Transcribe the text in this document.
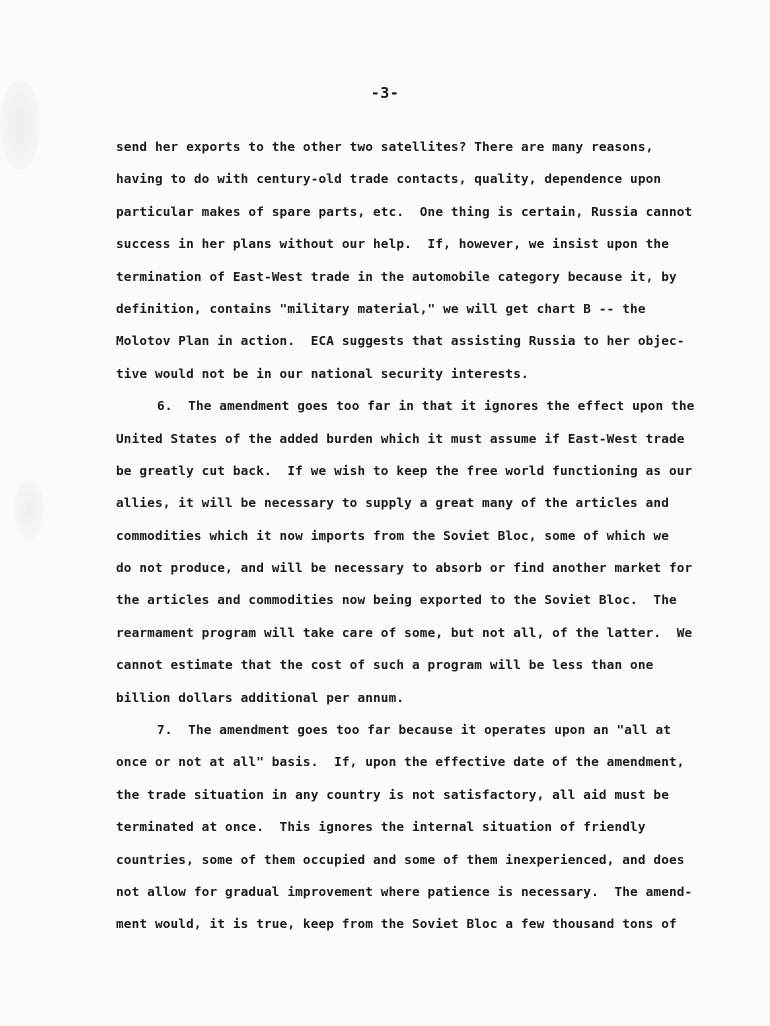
-3-
send her exports to the other two satellites? There are many reasons,
having to do with century-old trade contacts, quality, dependence upon
particular makes of spare parts, etc.  One thing is certain, Russia cannot
success in her plans without our help.  If, however, we insist upon the
termination of East-West trade in the automobile category because it, by
definition, contains "military material," we will get chart B -- the
Molotov Plan in action.  ECA suggests that assisting Russia to her objec-
tive would not be in our national security interests.
6.  The amendment goes too far in that it ignores the effect upon the
United States of the added burden which it must assume if East-West trade
be greatly cut back.  If we wish to keep the free world functioning as our
allies, it will be necessary to supply a great many of the articles and
commodities which it now imports from the Soviet Bloc, some of which we
do not produce, and will be necessary to absorb or find another market for
the articles and commodities now being exported to the Soviet Bloc.  The
rearmament program will take care of some, but not all, of the latter.  We
cannot estimate that the cost of such a program will be less than one
billion dollars additional per annum.
7.  The amendment goes too far because it operates upon an "all at
once or not at all" basis.  If, upon the effective date of the amendment,
the trade situation in any country is not satisfactory, all aid must be
terminated at once.  This ignores the internal situation of friendly
countries, some of them occupied and some of them inexperienced, and does
not allow for gradual improvement where patience is necessary.  The amend-
ment would, it is true, keep from the Soviet Bloc a few thousand tons of
